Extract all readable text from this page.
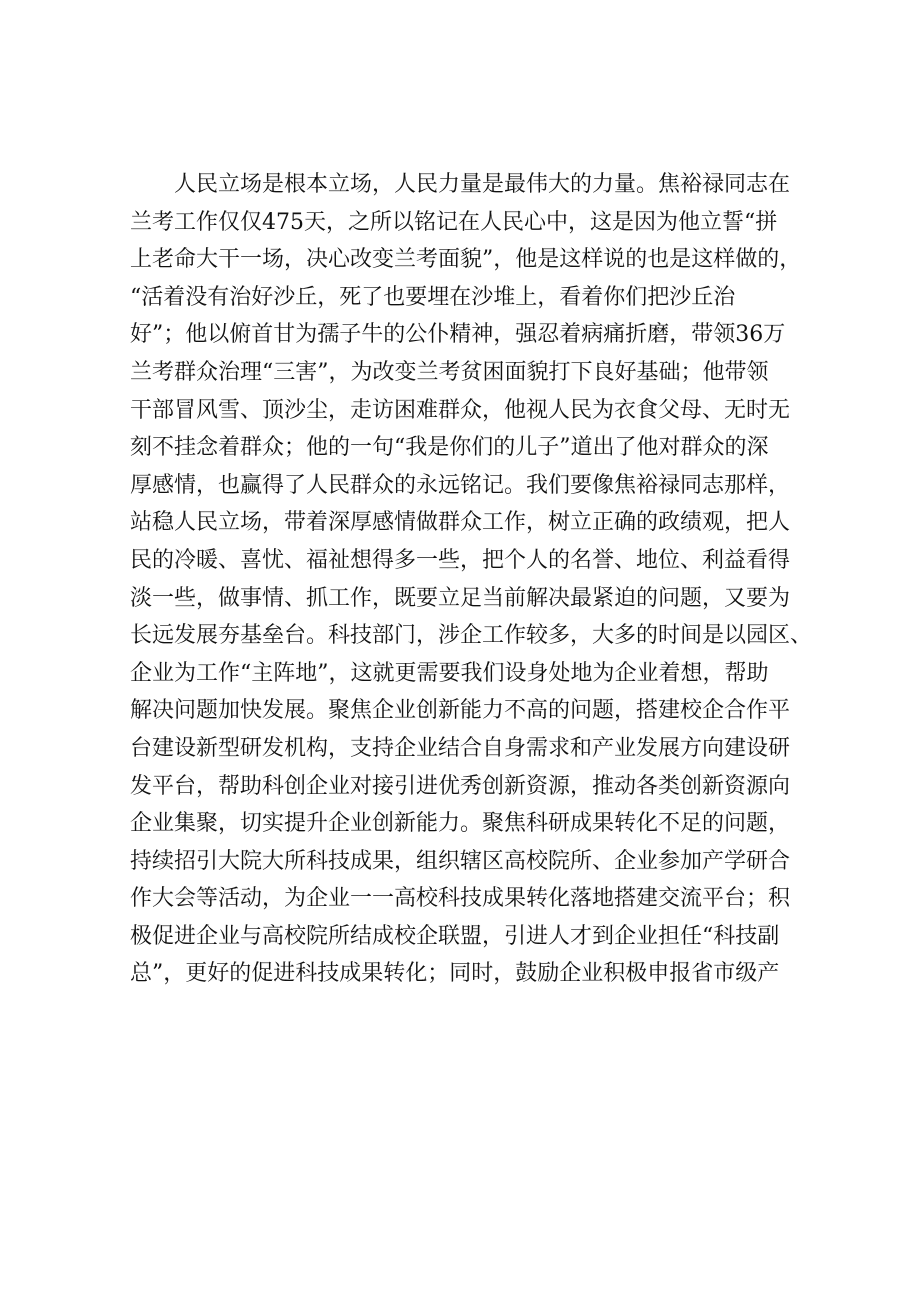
人民立场是根本立场，人民力量是最伟大的力量。焦裕禄同志在
兰考工作仅仅475天，之所以铭记在人民心中，这是因为他立誓“拼
上老命大干一场，决心改变兰考面貌”，他是这样说的也是这样做的，
“活着没有治好沙丘，死了也要埋在沙堆上，看着你们把沙丘治
好”；他以俯首甘为孺子牛的公仆精神，强忍着病痛折磨，带领36万
兰考群众治理“三害”，为改变兰考贫困面貌打下良好基础；他带领
干部冒风雪、顶沙尘，走访困难群众，他视人民为衣食父母、无时无
刻不挂念着群众；他的一句“我是你们的儿子”道出了他对群众的深
厚感情，也赢得了人民群众的永远铭记。我们要像焦裕禄同志那样，
站稳人民立场，带着深厚感情做群众工作，树立正确的政绩观，把人
民的冷暖、喜忧、福祉想得多一些，把个人的名誉、地位、利益看得
淡一些，做事情、抓工作，既要立足当前解决最紧迫的问题，又要为
长远发展夯基垒台。科技部门，涉企工作较多，大多的时间是以园区、
企业为工作“主阵地”，这就更需要我们设身处地为企业着想，帮助
解决问题加快发展。聚焦企业创新能力不高的问题，搭建校企合作平
台建设新型研发机构，支持企业结合自身需求和产业发展方向建设研
发平台，帮助科创企业对接引进优秀创新资源，推动各类创新资源向
企业集聚，切实提升企业创新能力。聚焦科研成果转化不足的问题，
持续招引大院大所科技成果，组织辖区高校院所、企业参加产学研合
作大会等活动，为企业一一高校科技成果转化落地搭建交流平台；积
极促进企业与高校院所结成校企联盟，引进人才到企业担任“科技副
总”，更好的促进科技成果转化；同时，鼓励企业积极申报省市级产
